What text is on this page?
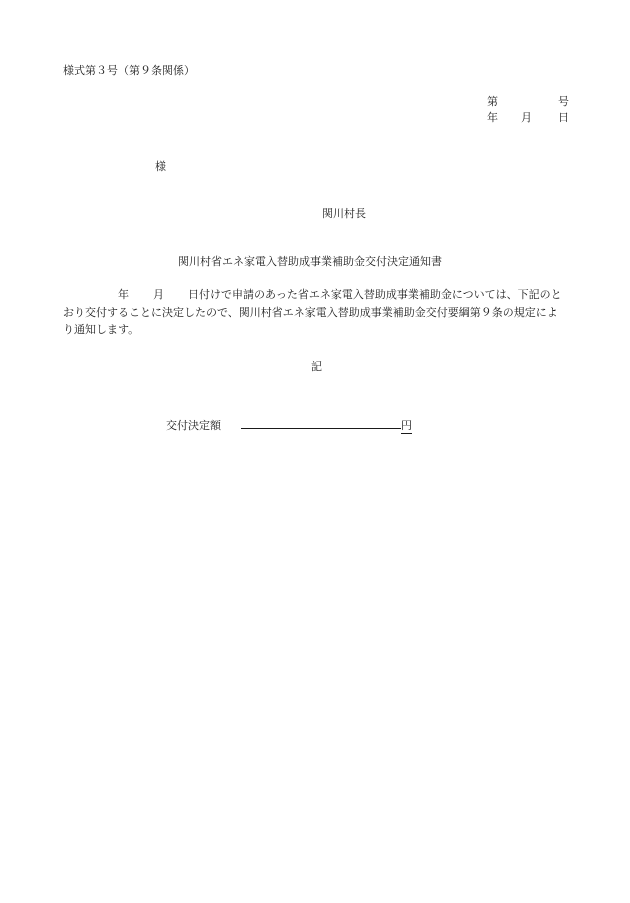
様式第３号（第９条関係）
第	号
年 月 日
様
関川村長
関川村省エネ家電入替助成事業補助金交付決定通知書
年 月 日付けで申請のあった省エネ家電入替助成事業補助金については、下記のと
おり交付することに決定したので、関川村省エネ家電入替助成事業補助金交付要綱第９条の規定によ
り通知します。
記
交付決定額	円
